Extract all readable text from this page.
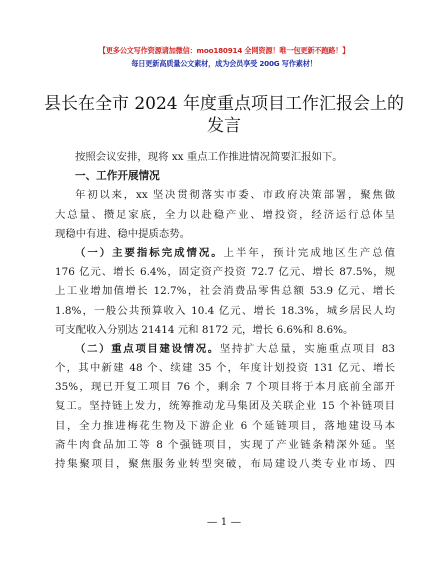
【更多公文写作资源请加微信：moo180914 全网资源！唯一包更新不跑路！】
每日更新高质量公文素材，成为会员享受 200G 写作素材！
县长在全市 2024 年度重点项目工作汇报会上的
发言
按照会议安排，现将 xx 重点工作推进情况简要汇报如下。
一、工作开展情况
年初以来，xx 坚决贯彻落实市委、市政府决策部署，聚焦做
大总量、攒足家底，全力以赴稳产业、增投资，经济运行总体呈
现稳中有进、稳中提质态势。
（一）主要指标完成情况。上半年，预计完成地区生产总值
176 亿元、增长 6.4%，固定资产投资 72.7 亿元、增长 87.5%，规
上工业增加值增长 12.7%，社会消费品零售总额 53.9 亿元、增长
1.8%，一般公共预算收入 10.4 亿元、增长 18.3%，城乡居民人均
可支配收入分别达 21414 元和 8172 元，增长 6.6%和 8.6%。
（二）重点项目建设情况。坚持扩大总量，实施重点项目 83
个，其中新建 48 个、续建 35 个，年度计划投资 131 亿元、增长
35%，现已开复工项目 76 个，剩余 7 个项目将于本月底前全部开
复工。坚持链上发力，统筹推动龙马集团及关联企业 15 个补链项目
目，全力推进梅花生物及下游企业 6 个延链项目，落地建设马本
斋牛肉食品加工等 8 个强链项目，实现了产业链条精深外延。坚
持集聚项目，聚焦服务业转型突破，布局建设八类专业市场、四
— 1 —
